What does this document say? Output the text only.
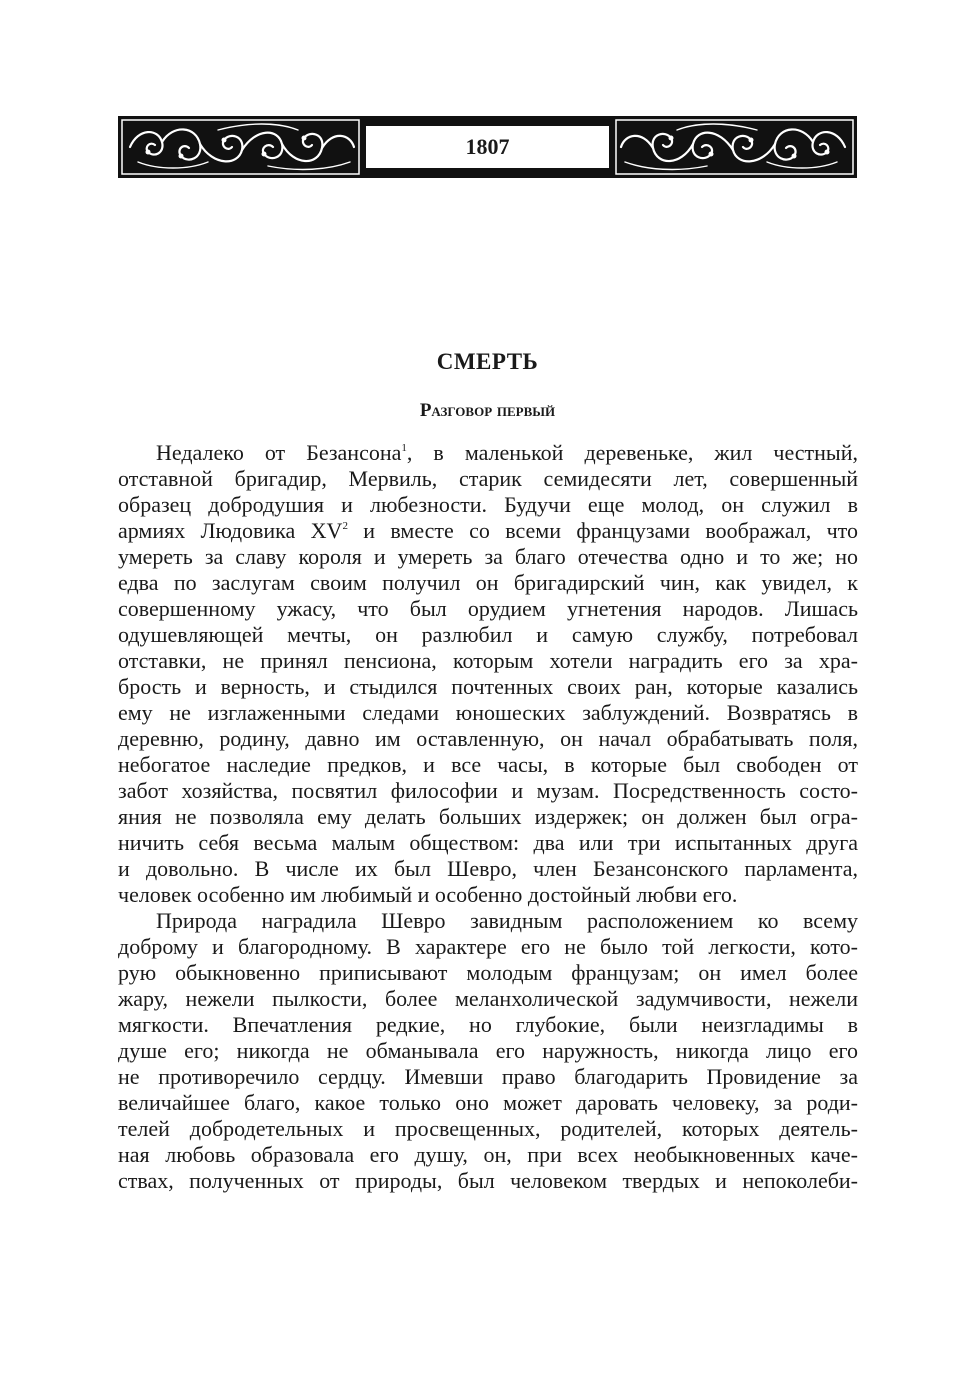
1807
СМЕРТЬ
Разговор первый
Недалеко от Безансона$^1$, в маленькой деревеньке, жил честный,
отставной бригадир, Мервиль, старик семидесяти лет, совершенный
образец добродушия и любезности. Будучи еще молод, он служил в
армиях Людовика $XV^2$ и вместе со всеми французами воображал, что
умереть за славу короля и умереть за благо отечества одно и то же; но
едва по заслугам своим получил он бригадирский чин, как увидел, к
совершенному ужасу, что был орудием угнетения народов. Лишась
одушевляющей мечты, он разлюбил и самую службу, потребовал
отставки, не принял пенсиона, которым хотели наградить его за хра-
брость и верность, и стыдился почтенных своих ран, которые казались
ему не изглаженными следами юношеских заблуждений. Возвратясь в
деревню, родину, давно им оставленную, он начал обрабатывать поля,
небогатое наследие предков, и все часы, в которые был свободен от
забот хозяйства, посвятил философии и музам. Посредственность состо-
яния не позволяла ему делать больших издержек; он должен был огра-
ничить себя весьма малым обществом: два или три испытанных друга
и довольно. В числе их был Шевро, член Безансонского парламента,
человек особенно им любимый и особенно достойный любви его.
Природа наградила Шевро завидным расположением ко всему
доброму и благородному. В характере его не было той легкости, кото-
рую обыкновенно приписывают молодым французам; он имел более
жару, нежели пылкости, более меланхолической задумчивости, нежели
мягкости. Впечатления редкие, но глубокие, были неизгладимы в
душе его; никогда не обманывала его наружность, никогда лицо его
не противоречило сердцу. Имевши право благодарить Провидение за
величайшее благо, какое только оно может даровать человеку, за роди-
телей добродетельных и просвещенных, родителей, которых деятель-
ная любовь образовала его душу, он, при всех необыкновенных каче-
ствах, полученных от природы, был человеком твердых и непоколеби-
